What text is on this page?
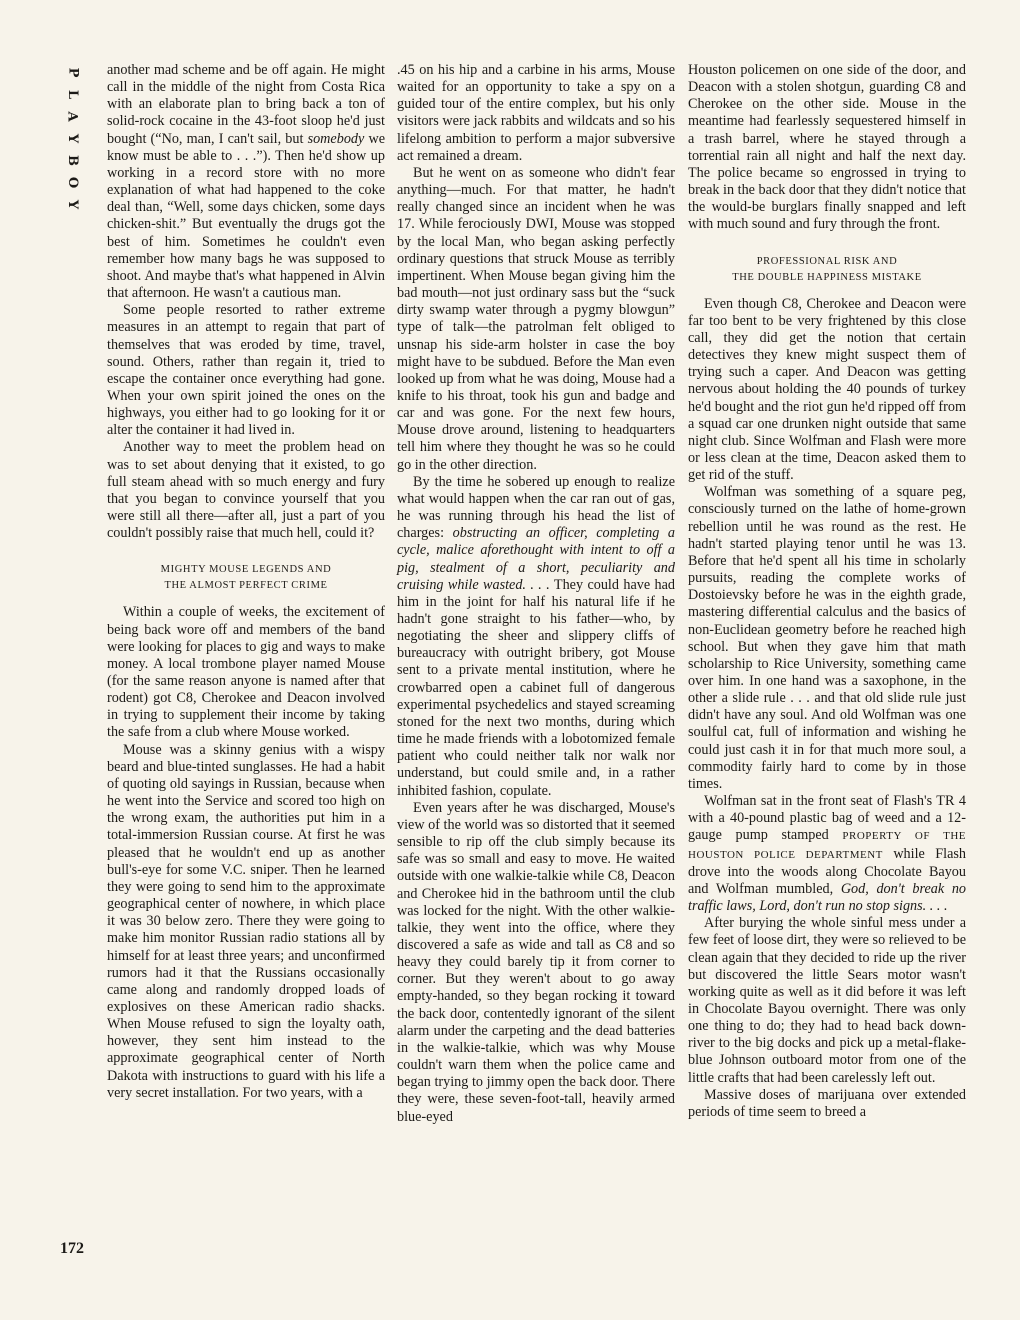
P
L
A
Y
B
O
Y

another mad scheme and be off again. He might call in the middle of the night from Costa Rica with an elaborate plan to bring back a ton of solid-rock cocaine in the 43-foot sloop he'd just bought (“No, man, I can't sail, but somebody we know must be able to . . .”). Then he'd show up working in a record store with no more explanation of what had happened to the coke deal than, “Well, some days chicken, some days chicken-shit.” But eventually the drugs got the best of him. Sometimes he couldn't even remember how many bags he was supposed to shoot. And maybe that's what happened in Alvin that afternoon. He wasn't a cautious man.

Some people resorted to rather extreme measures in an attempt to regain that part of themselves that was eroded by time, travel, sound. Others, rather than regain it, tried to escape the container once everything had gone. When your own spirit joined the ones on the highways, you either had to go looking for it or alter the container it had lived in.

Another way to meet the problem head on was to set about denying that it existed, to go full steam ahead with so much energy and fury that you began to convince yourself that you were still all there—after all, just a part of you couldn't possibly raise that much hell, could it?

MIGHTY MOUSE LEGENDS AND
THE ALMOST PERFECT CRIME

Within a couple of weeks, the excitement of being back wore off and members of the band were looking for places to gig and ways to make money. A local trombone player named Mouse (for the same reason anyone is named after that rodent) got C8, Cherokee and Deacon involved in trying to supplement their income by taking the safe from a club where Mouse worked.

Mouse was a skinny genius with a wispy beard and blue-tinted sunglasses. He had a habit of quoting old sayings in Russian, because when he went into the Service and scored too high on the wrong exam, the authorities put him in a total-immersion Russian course. At first he was pleased that he wouldn't end up as another bull's-eye for some V.C. sniper. Then he learned they were going to send him to the approximate geographical center of nowhere, in which place it was 30 below zero. There they were going to make him monitor Russian radio stations all by himself for at least three years; and unconfirmed rumors had it that the Russians occasionally came along and randomly dropped loads of explosives on these American radio shacks. When Mouse refused to sign the loyalty oath, however, they sent him instead to the approximate geographical center of North Dakota with instructions to guard with his life a very secret installation. For two years, with a

.45 on his hip and a carbine in his arms, Mouse waited for an opportunity to take a spy on a guided tour of the entire complex, but his only visitors were jack rabbits and wildcats and so his lifelong ambition to perform a major subversive act remained a dream.

But he went on as someone who didn't fear anything—much. For that matter, he hadn't really changed since an incident when he was 17. While ferociously DWI, Mouse was stopped by the local Man, who began asking perfectly ordinary questions that struck Mouse as terribly impertinent. When Mouse began giving him the bad mouth—not just ordinary sass but the “suck dirty swamp water through a pygmy blowgun” type of talk—the patrolman felt obliged to unsnap his side-arm holster in case the boy might have to be subdued. Before the Man even looked up from what he was doing, Mouse had a knife to his throat, took his gun and badge and car and was gone. For the next few hours, Mouse drove around, listening to headquarters tell him where they thought he was so he could go in the other direction.

By the time he sobered up enough to realize what would happen when the car ran out of gas, he was running through his head the list of charges: obstructing an officer, completing a cycle, malice aforethought with intent to off a pig, stealment of a short, peculiarity and cruising while wasted. . . . They could have had him in the joint for half his natural life if he hadn't gone straight to his father—who, by negotiating the sheer and slippery cliffs of bureaucracy with outright bribery, got Mouse sent to a private mental institution, where he crowbarred open a cabinet full of dangerous experimental psychedelics and stayed screaming stoned for the next two months, during which time he made friends with a lobotomized female patient who could neither talk nor walk nor understand, but could smile and, in a rather inhibited fashion, copulate.

Even years after he was discharged, Mouse's view of the world was so distorted that it seemed sensible to rip off the club simply because its safe was so small and easy to move. He waited outside with one walkie-talkie while C8, Deacon and Cherokee hid in the bathroom until the club was locked for the night. With the other walkie-talkie, they went into the office, where they discovered a safe as wide and tall as C8 and so heavy they could barely tip it from corner to corner. But they weren't about to go away empty-handed, so they began rocking it toward the back door, contentedly ignorant of the silent alarm under the carpeting and the dead batteries in the walkie-talkie, which was why Mouse couldn't warn them when the police came and began trying to jimmy open the back door. There they were, these seven-foot-tall, heavily armed blue-eyed

Houston policemen on one side of the door, and Deacon with a stolen shotgun, guarding C8 and Cherokee on the other side. Mouse in the meantime had fearlessly sequestered himself in a trash barrel, where he stayed through a torrential rain all night and half the next day. The police became so engrossed in trying to break in the back door that they didn't notice that the would-be burglars finally snapped and left with much sound and fury through the front.

PROFESSIONAL RISK AND
THE DOUBLE HAPPINESS MISTAKE

Even though C8, Cherokee and Deacon were far too bent to be very frightened by this close call, they did get the notion that certain detectives they knew might suspect them of trying such a caper. And Deacon was getting nervous about holding the 40 pounds of turkey he'd bought and the riot gun he'd ripped off from a squad car one drunken night outside that same night club. Since Wolfman and Flash were more or less clean at the time, Deacon asked them to get rid of the stuff.

Wolfman was something of a square peg, consciously turned on the lathe of home-grown rebellion until he was round as the rest. He hadn't started playing tenor until he was 13. Before that he'd spent all his time in scholarly pursuits, reading the complete works of Dostoievsky before he was in the eighth grade, mastering differential calculus and the basics of non-Euclidean geometry before he reached high school. But when they gave him that math scholarship to Rice University, something came over him. In one hand was a saxophone, in the other a slide rule . . . and that old slide rule just didn't have any soul. And old Wolfman was one soulful cat, full of information and wishing he could just cash it in for that much more soul, a commodity fairly hard to come by in those times.

Wolfman sat in the front seat of Flash's TR 4 with a 40-pound plastic bag of weed and a 12-gauge pump stamped PROPERTY OF THE HOUSTON POLICE DEPARTMENT while Flash drove into the woods along Chocolate Bayou and Wolfman mumbled, God, don't break no traffic laws, Lord, don't run no stop signs. . . .

After burying the whole sinful mess under a few feet of loose dirt, they were so relieved to be clean again that they decided to ride up the river but discovered the little Sears motor wasn't working quite as well as it did before it was left in Chocolate Bayou overnight. There was only one thing to do; they had to head back down-river to the big docks and pick up a metal-flake-blue Johnson outboard motor from one of the little crafts that had been carelessly left out.

Massive doses of marijuana over extended periods of time seem to breed a

172
